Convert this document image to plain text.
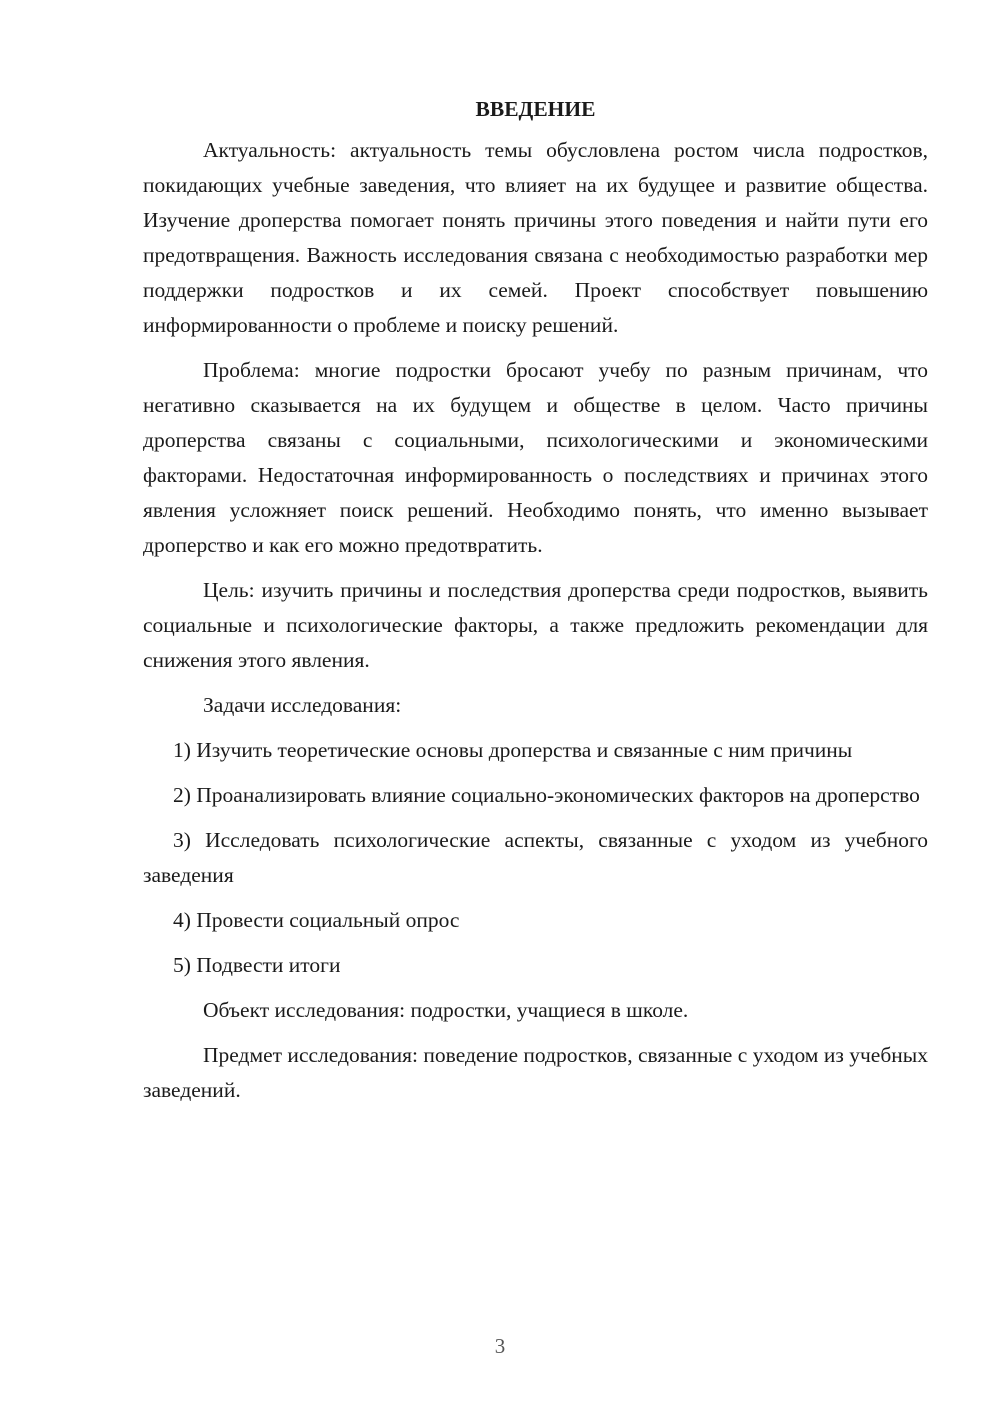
ВВЕДЕНИЕ

Актуальность: актуальность темы обусловлена ростом числа подростков, покидающих учебные заведения, что влияет на их будущее и развитие общества. Изучение дроперства помогает понять причины этого поведения и найти пути его предотвращения. Важность исследования связана с необходимостью разработки мер поддержки подростков и их семей. Проект способствует повышению информированности о проблеме и поиску решений.

Проблема: многие подростки бросают учебу по разным причинам, что негативно сказывается на их будущем и обществе в целом. Часто причины дроперства связаны с социальными, психологическими и экономическими факторами. Недостаточная информированность о последствиях и причинах этого явления усложняет поиск решений. Необходимо понять, что именно вызывает дроперство и как его можно предотвратить.

Цель: изучить причины и последствия дроперства среди подростков, выявить социальные и психологические факторы, а также предложить рекомендации для снижения этого явления.

Задачи исследования:

1) Изучить теоретические основы дроперства и связанные с ним причины

2) Проанализировать влияние социально-экономических факторов на дроперство

3) Исследовать психологические аспекты, связанные с уходом из учебного заведения

4) Провести социальный опрос

5) Подвести итоги

Объект исследования: подростки, учащиеся в школе.

Предмет исследования: поведение подростков, связанные с уходом из учебных заведений.

3
